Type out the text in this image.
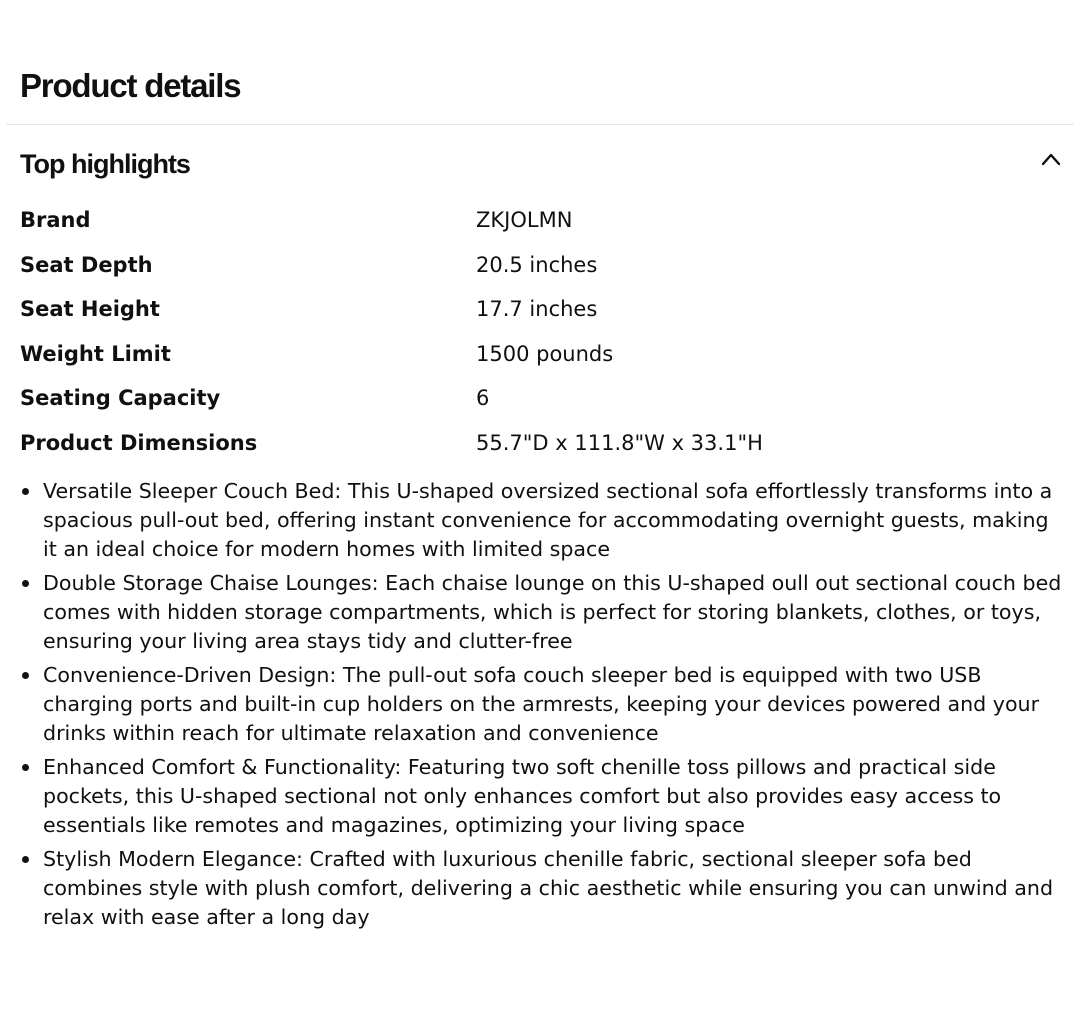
Product details
Top highlights
Brand	ZKJOLMN
Seat Depth	20.5 inches
Seat Height	17.7 inches
Weight Limit	1500 pounds
Seating Capacity	6
Product Dimensions	55.7"D x 111.8"W x 33.1"H
Versatile Sleeper Couch Bed: This U-shaped oversized sectional sofa effortlessly transforms into a spacious pull-out bed, offering instant convenience for accommodating overnight guests, making it an ideal choice for modern homes with limited space
Double Storage Chaise Lounges: Each chaise lounge on this U-shaped oull out sectional couch bed comes with hidden storage compartments, which is perfect for storing blankets, clothes, or toys, ensuring your living area stays tidy and clutter-free
Convenience-Driven Design: The pull-out sofa couch sleeper bed is equipped with two USB charging ports and built-in cup holders on the armrests, keeping your devices powered and your drinks within reach for ultimate relaxation and convenience
Enhanced Comfort & Functionality: Featuring two soft chenille toss pillows and practical side pockets, this U-shaped sectional not only enhances comfort but also provides easy access to essentials like remotes and magazines, optimizing your living space
Stylish Modern Elegance: Crafted with luxurious chenille fabric, sectional sleeper sofa bed combines style with plush comfort, delivering a chic aesthetic while ensuring you can unwind and relax with ease after a long day
